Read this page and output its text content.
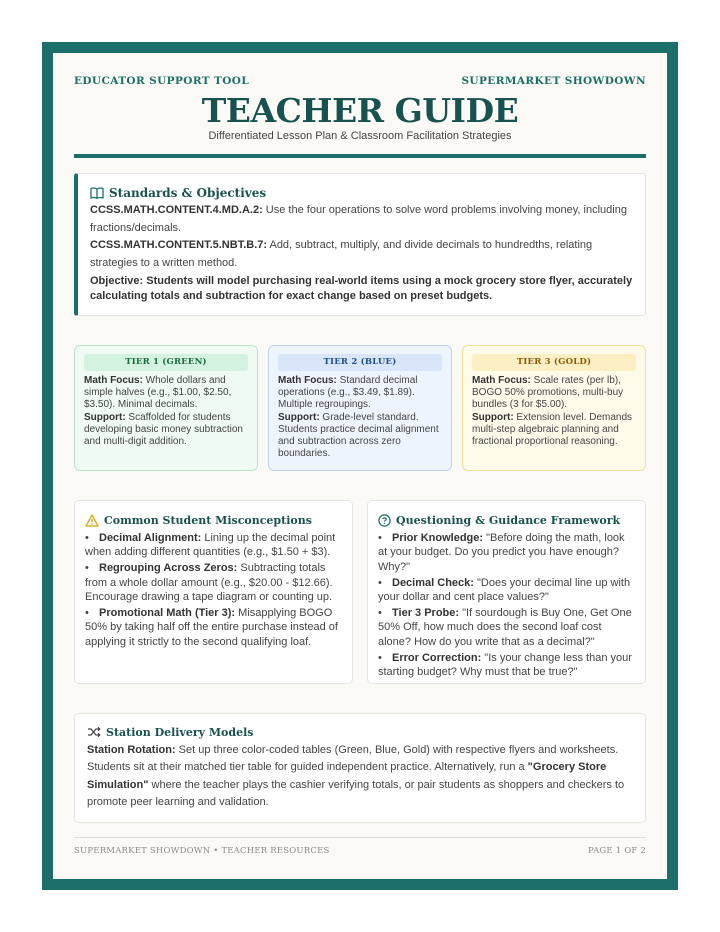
EDUCATOR SUPPORT TOOL	SUPERMARKET SHOWDOWN
TEACHER GUIDE
Differentiated Lesson Plan & Classroom Facilitation Strategies
Standards & Objectives

CCSS.MATH.CONTENT.4.MD.A.2: Use the four operations to solve word problems involving money, including fractions/decimals.

CCSS.MATH.CONTENT.5.NBT.B.7: Add, subtract, multiply, and divide decimals to hundredths, relating strategies to a written method.

Objective: Students will model purchasing real-world items using a mock grocery store flyer, accurately calculating totals and subtraction for exact change based on preset budgets.

TIER 1 (GREEN)

Math Focus: Whole dollars and simple halves (e.g., $1.00, $2.50, $3.50). Minimal decimals.
Support: Scaffolded for students developing basic money subtraction and multi-digit addition.

TIER 2 (BLUE)

Math Focus: Standard decimal operations (e.g., $3.49, $1.89). Multiple regroupings.
Support: Grade-level standard. Students practice decimal alignment and subtraction across zero boundaries.

TIER 3 (GOLD)

Math Focus: Scale rates (per lb), BOGO 50% promotions, multi-buy bundles (3 for $5.00).
Support: Extension level. Demands multi-step algebraic planning and fractional proportional reasoning.

Common Student Misconceptions
• Decimal Alignment: Lining up the decimal point when adding different quantities (e.g., $1.50 + $3).
• Regrouping Across Zeros: Subtracting totals from a whole dollar amount (e.g., $20.00 - $12.66). Encourage drawing a tape diagram or counting up.
• Promotional Math (Tier 3): Misapplying BOGO 50% by taking half off the entire purchase instead of applying it strictly to the second qualifying loaf.
Questioning & Guidance Framework
• Prior Knowledge: "Before doing the math, look at your budget. Do you predict you have enough? Why?"
• Decimal Check: "Does your decimal line up with your dollar and cent place values?"
• Tier 3 Probe: "If sourdough is Buy One, Get One 50% Off, how much does the second loaf cost alone? How do you write that as a decimal?"
• Error Correction: "Is your change less than your starting budget? Why must that be true?"
Station Delivery Models

Station Rotation: Set up three color-coded tables (Green, Blue, Gold) with respective flyers and worksheets. Students sit at their matched tier table for guided independent practice. Alternatively, run a "Grocery Store Simulation" where the teacher plays the cashier verifying totals, or pair students as shoppers and checkers to promote peer learning and validation.

SUPERMARKET SHOWDOWN • TEACHER RESOURCES	PAGE 1 OF 2
